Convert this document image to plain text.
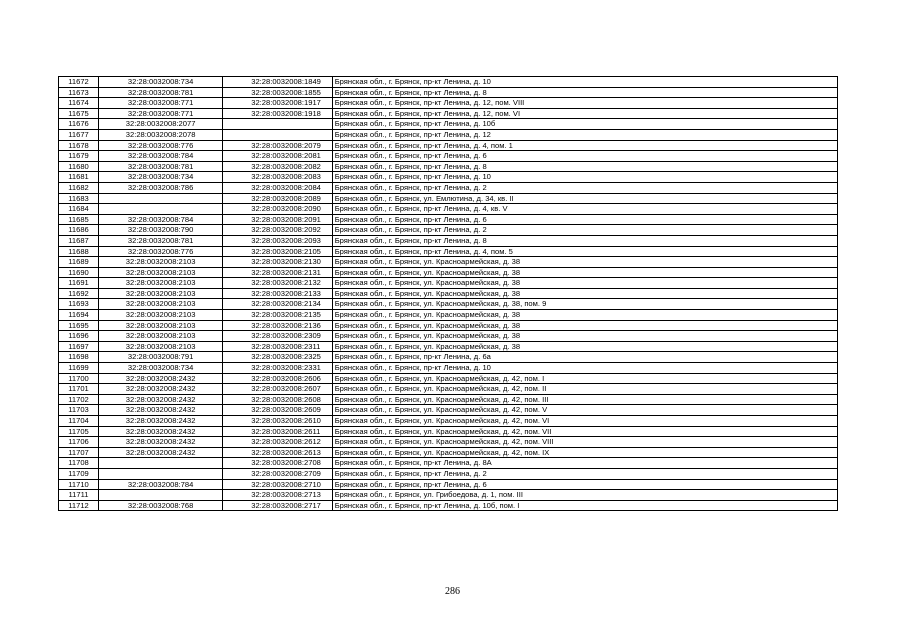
11672	32:28:0032008:734	32:28:0032008:1849	Брянская обл., г. Брянск, пр-кт Ленина, д. 10
11673	32:28:0032008:781	32:28:0032008:1855	Брянская обл., г. Брянск, пр-кт Ленина, д. 8
11674	32:28:0032008:771	32:28:0032008:1917	Брянская обл., г. Брянск, пр-кт Ленина, д. 12, пом. VIII
11675	32:28:0032008:771	32:28:0032008:1918	Брянская обл., г. Брянск, пр-кт Ленина, д. 12, пом. VI
11676	32:28:0032008:2077		Брянская обл., г. Брянск, пр-кт Ленина, д. 10б
11677	32:28:0032008:2078		Брянская обл., г. Брянск, пр-кт Ленина, д. 12
11678	32:28:0032008:776	32:28:0032008:2079	Брянская обл., г. Брянск, пр-кт Ленина, д. 4, пом. 1
11679	32:28:0032008:784	32:28:0032008:2081	Брянская обл., г. Брянск, пр-кт Ленина, д. 6
11680	32:28:0032008:781	32:28:0032008:2082	Брянская обл., г. Брянск, пр-кт Ленина, д. 8
11681	32:28:0032008:734	32:28:0032008:2083	Брянская обл., г. Брянск, пр-кт Ленина, д. 10
11682	32:28:0032008:786	32:28:0032008:2084	Брянская обл., г. Брянск, пр-кт Ленина, д. 2
11683		32:28:0032008:2089	Брянская обл., г. Брянск, ул. Емлютина, д. 34, кв. II
11684		32:28:0032008:2090	Брянская обл., г. Брянск, пр-кт Ленина, д. 4, кв. V
11685	32:28:0032008:784	32:28:0032008:2091	Брянская обл., г. Брянск, пр-кт Ленина, д. 6
11686	32:28:0032008:790	32:28:0032008:2092	Брянская обл., г. Брянск, пр-кт Ленина, д. 2
11687	32:28:0032008:781	32:28:0032008:2093	Брянская обл., г. Брянск, пр-кт Ленина, д. 8
11688	32:28:0032008:776	32:28:0032008:2105	Брянская обл., г. Брянск, пр-кт Ленина, д. 4, пом. 5
11689	32:28:0032008:2103	32:28:0032008:2130	Брянская обл., г. Брянск, ул. Красноармейская, д. 38
11690	32:28:0032008:2103	32:28:0032008:2131	Брянская обл., г. Брянск, ул. Красноармейская, д. 38
11691	32:28:0032008:2103	32:28:0032008:2132	Брянская обл., г. Брянск, ул. Красноармейская, д. 38
11692	32:28:0032008:2103	32:28:0032008:2133	Брянская обл., г. Брянск, ул. Красноармейская, д. 38
11693	32:28:0032008:2103	32:28:0032008:2134	Брянская обл., г. Брянск, ул. Красноармейская, д. 38, пом. 9
11694	32:28:0032008:2103	32:28:0032008:2135	Брянская обл., г. Брянск, ул. Красноармейская, д. 38
11695	32:28:0032008:2103	32:28:0032008:2136	Брянская обл., г. Брянск, ул. Красноармейская, д. 38
11696	32:28:0032008:2103	32:28:0032008:2309	Брянская обл., г. Брянск, ул. Красноармейская, д. 38
11697	32:28:0032008:2103	32:28:0032008:2311	Брянская обл., г. Брянск, ул. Красноармейская, д. 38
11698	32:28:0032008:791	32:28:0032008:2325	Брянская обл., г. Брянск, пр-кт Ленина, д. 6а
11699	32:28:0032008:734	32:28:0032008:2331	Брянская обл., г. Брянск, пр-кт Ленина, д. 10
11700	32:28:0032008:2432	32:28:0032008:2606	Брянская обл., г. Брянск, ул. Красноармейская, д. 42, пом. I
11701	32:28:0032008:2432	32:28:0032008:2607	Брянская обл., г. Брянск, ул. Красноармейская, д. 42, пом. II
11702	32:28:0032008:2432	32:28:0032008:2608	Брянская обл., г. Брянск, ул. Красноармейская, д. 42, пом. III
11703	32:28:0032008:2432	32:28:0032008:2609	Брянская обл., г. Брянск, ул. Красноармейская, д. 42, пом. V
11704	32:28:0032008:2432	32:28:0032008:2610	Брянская обл., г. Брянск, ул. Красноармейская, д. 42, пом. VI
11705	32:28:0032008:2432	32:28:0032008:2611	Брянская обл., г. Брянск, ул. Красноармейская, д. 42, пом. VII
11706	32:28:0032008:2432	32:28:0032008:2612	Брянская обл., г. Брянск, ул. Красноармейская, д. 42, пом. VIII
11707	32:28:0032008:2432	32:28:0032008:2613	Брянская обл., г. Брянск, ул. Красноармейская, д. 42, пом. IX
11708		32:28:0032008:2708	Брянская обл., г. Брянск, пр-кт Ленина, д. 8А
11709		32:28:0032008:2709	Брянская обл., г. Брянск, пр-кт Ленина, д. 2
11710	32:28:0032008:784	32:28:0032008:2710	Брянская обл., г. Брянск, пр-кт Ленина, д. 6
11711		32:28:0032008:2713	Брянская обл., г. Брянск, ул. Грибоедова, д. 1, пом. III
11712	32:28:0032008:768	32:28:0032008:2717	Брянская обл., г. Брянск, пр-кт Ленина, д. 10б, пом. I
286
